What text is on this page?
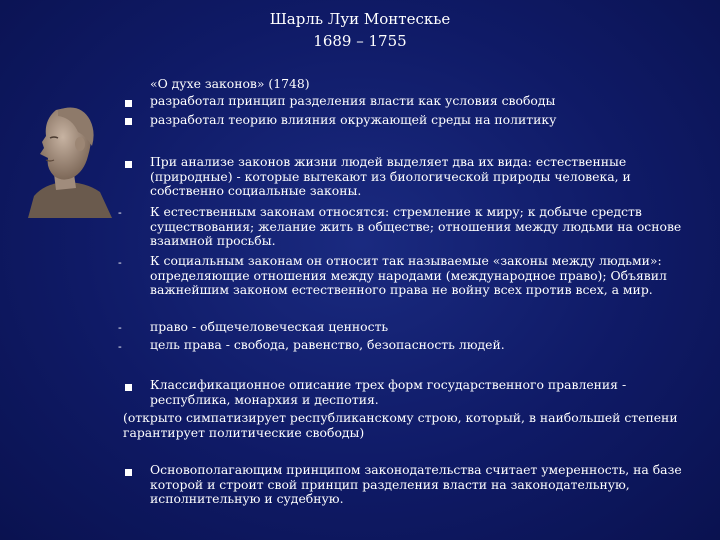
Шарль Луи Монтескье
1689 – 1755
«О духе законов» (1748)
разработал принцип разделения власти как условия свободы
разработал теорию влияния окружающей среды на политику
При анализе законов жизни людей выделяет два их вида: естественные (природные) - которые вытекают из биологической природы человека, и собственно социальные законы.
- К естественным законам относятся: стремление к миру; к добыче средств существования; желание жить в обществе; отношения между людьми на основе взаимной просьбы.
- К социальным законам он относит так называемые «законы между людьми»: определяющие отношения между народами (международное право); Объявил важнейшим законом естественного права не войну всех против всех, а мир.
- право - общечеловеческая ценность
- цель права - свобода, равенство, безопасность людей.
Классификационное описание трех форм государственного правления - республика, монархия и деспотия.
(открыто симпатизирует республиканскому строю, который, в наибольшей степени гарантирует политические свободы)
Основополагающим принципом законодательства считает умеренность, на базе которой и строит свой принцип разделения власти на законодательную, исполнительную и судебную.
